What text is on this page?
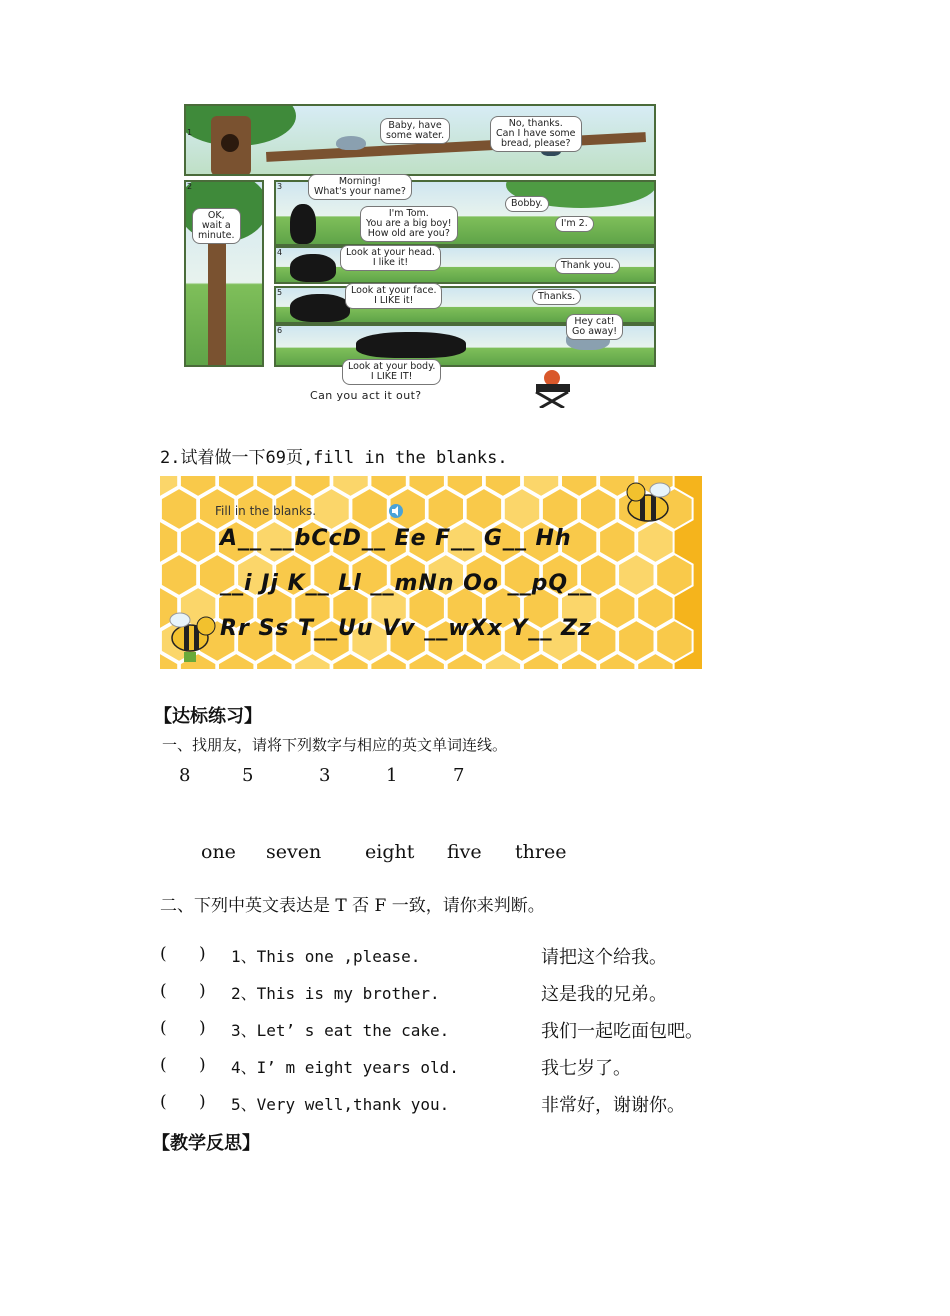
Baby, have
some water.
No, thanks.
Can I have some
bread, please?
1
2
OK,
wait a
minute.
3	Morning!
What's your name?
Bobby.
I'm Tom.
You are a big boy!
How old are you?
I'm 2.
4	Look at your head.
I like it!	Thank you.
5	Look at your face.
I LIKE it!	Thanks.
6
Hey cat!
Go away!
Look at your body.
I LIKE IT!
Can you act it out?
2.试着做一下69页,fill in the blanks.
Fill in the blanks.
A__ __bCcD__ Ee F__ G__ Hh
__i Jj K__ Ll __mNn Oo __pQ__
Rr Ss T__Uu Vv __wXx Y__ Zz
【达标练习】
一、找朋友，请将下列数字与相应的英文单词连线。
8	5	3	1	7
one seven eight five three
二、下列中英文表达是 T 否 F 一致，请你来判断。
(      ) 1、This one ,please.	请把这个给我。
(      ) 2、This is my brother.	这是我的兄弟。
(      ) 3、Let’ s eat the cake.	我们一起吃面包吧。
(      ) 4、I’ m eight years old.	我七岁了。
(      ) 5、Very well,thank you.	非常好，谢谢你。
【教学反思】
